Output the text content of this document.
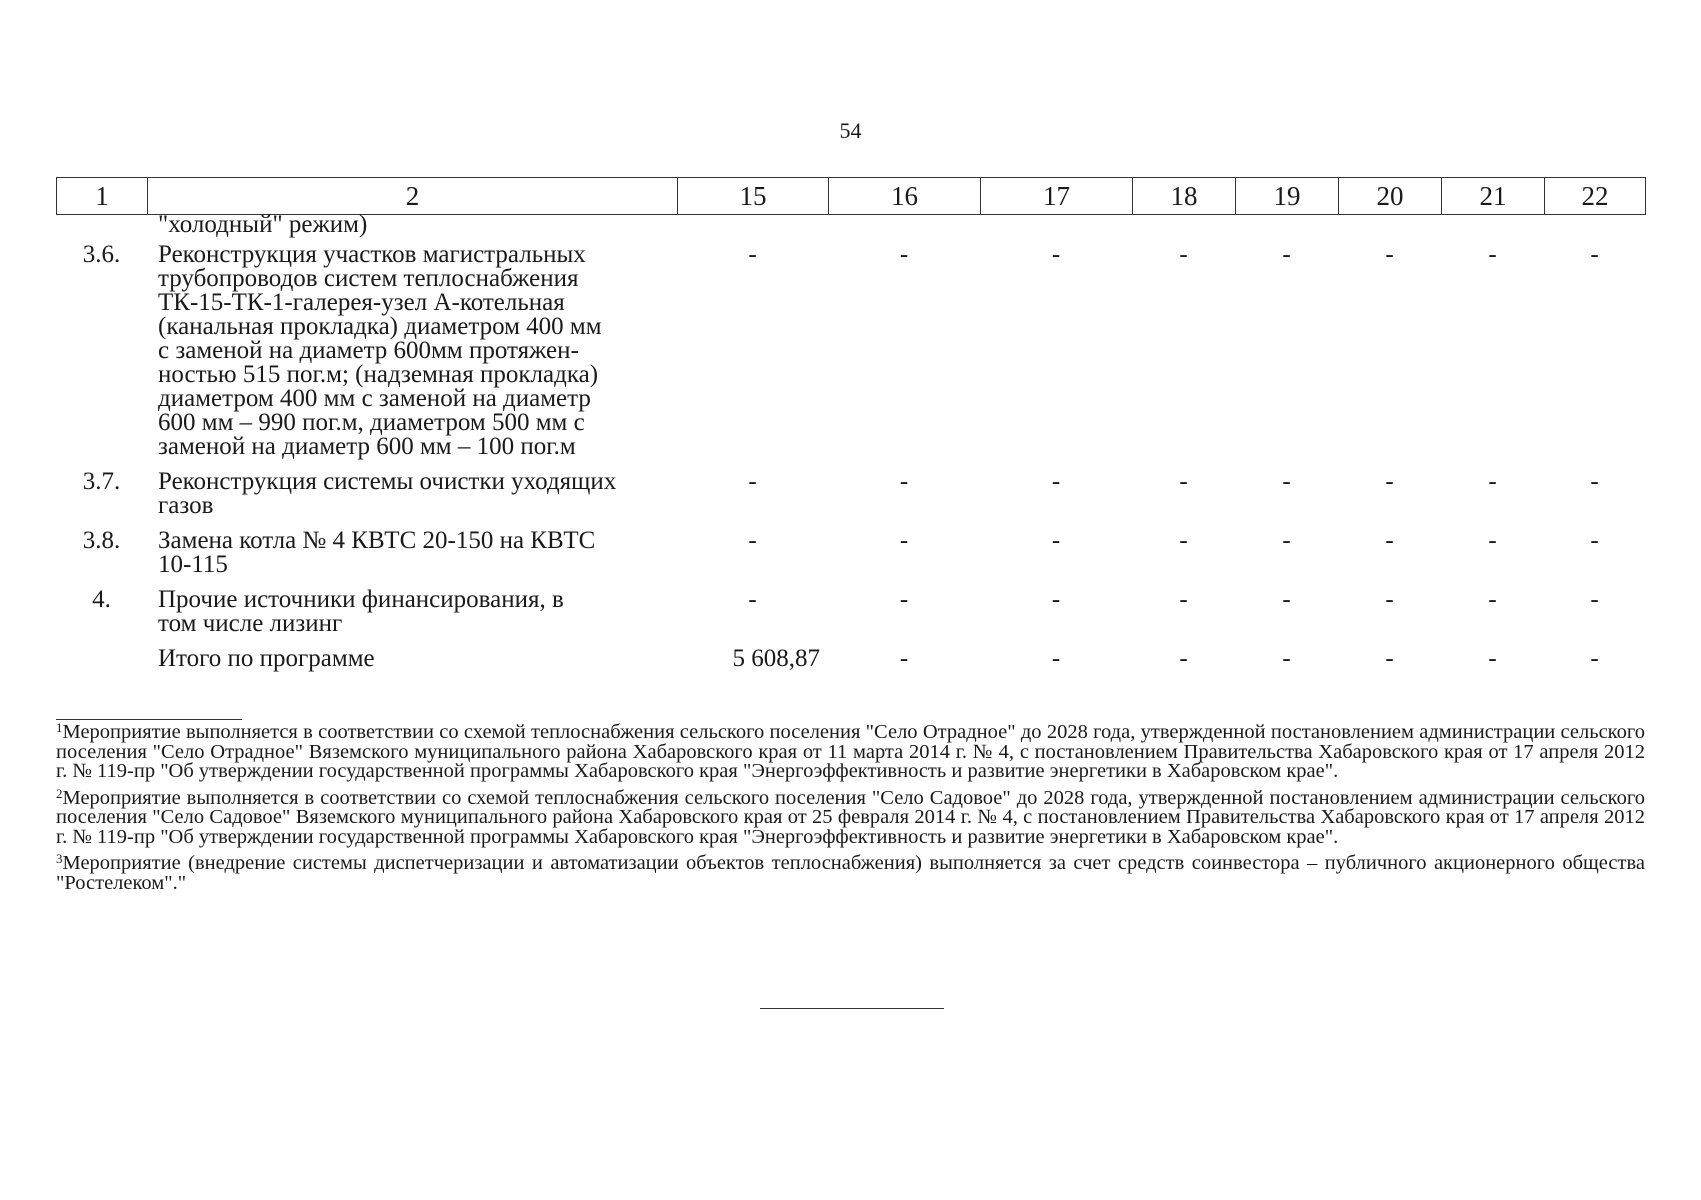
54
1	2	15	16	17	18	19	20	21	22
"холодный" режим)
3.6.	Реконструкция участков магистральных
трубопроводов систем теплоснабжения
ТК-15-ТК-1-галерея-узел А-котельная
(канальная прокладка) диаметром 400 мм
с заменой на диаметр 600мм протяжен-
ностью 515 пог.м; (надземная прокладка)
диаметром 400 мм с заменой на диаметр
600 мм – 990 пог.м, диаметром 500 мм с
заменой на диаметр 600 мм – 100 пог.м
-	-	-	-	-	-	-	-
3.7.	Реконструкция системы очистки уходящих
газов
-	-	-	-	-	-	-	-
3.8.	Замена котла № 4 КВТС 20-150 на КВТС
10-115
-	-	-	-	-	-	-	-
4.	Прочие источники финансирования, в
том числе лизинг
-	-	-	-	-	-	-	-
Итого по программе	5 608,87	-	-	-	-	-	-	-
$^1$Мероприятие выполняется в соответствии со схемой теплоснабжения сельского поселения "Село Отрадное" до 2028 года, утвержденной постановлением администрации сельского поселения "Село Отрадное" Вяземского муниципального района Хабаровского края от 11 марта 2014 г. № 4, с постановлением Правительства Хабаровского края от 17 апреля 2012 г. № 119-пр "Об утверждении государственной программы Хабаровского края "Энергоэффективность и развитие энергетики в Хабаровском крае".
$^2$Мероприятие выполняется в соответствии со схемой теплоснабжения сельского поселения "Село Садовое" до 2028 года, утвержденной постановлением администрации сельского поселения "Село Садовое" Вяземского муниципального района Хабаровского края от 25 февраля 2014 г. № 4, с постановлением Правительства Хабаровского края от 17 апреля 2012 г. № 119-пр "Об утверждении государственной программы Хабаровского края "Энергоэффективность и развитие энергетики в Хабаровском крае".
$^3$Мероприятие (внедрение системы диспетчеризации и автоматизации объектов теплоснабжения) выполняется за счет средств соинвестора – публичного акционерного общества "Ростелеком"."
